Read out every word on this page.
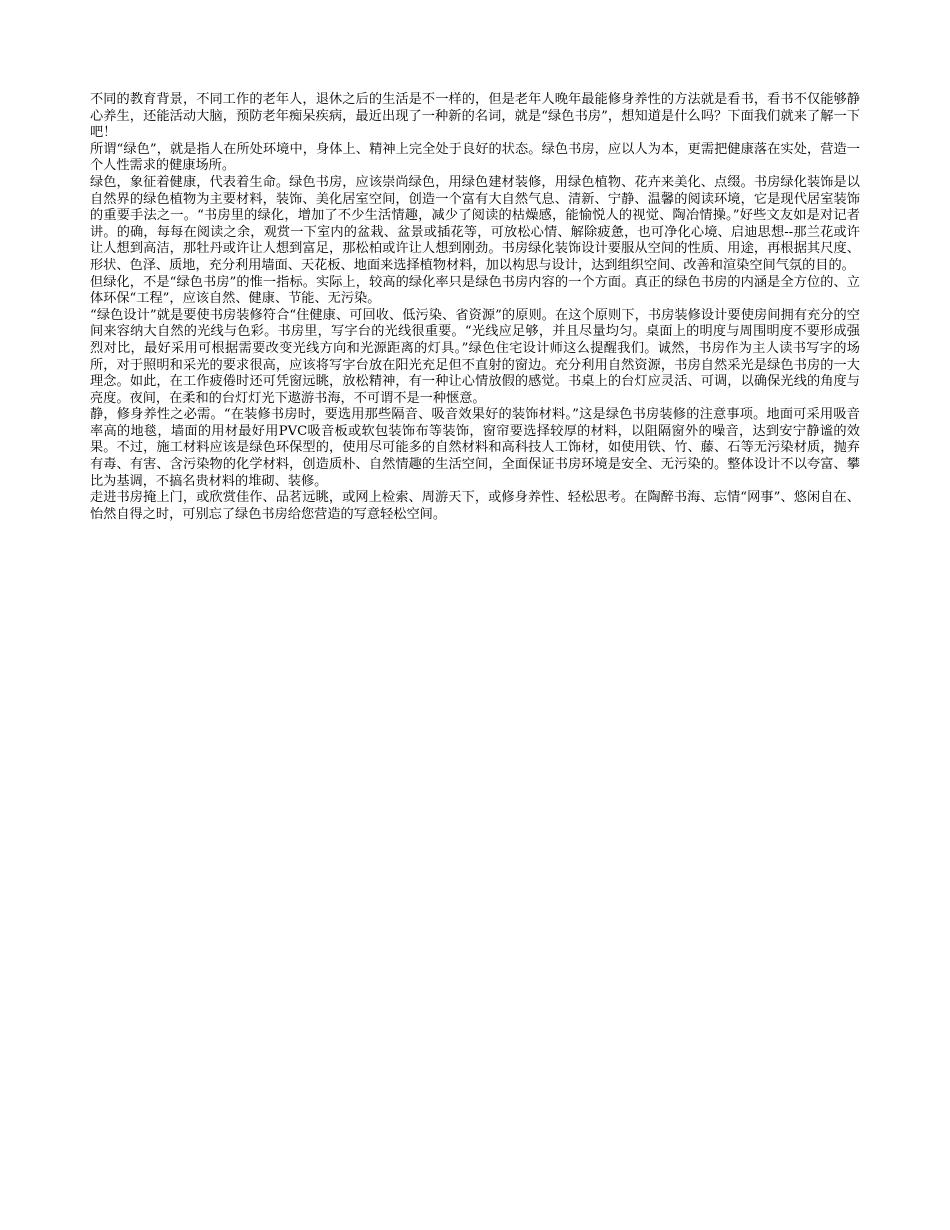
不同的教育背景，不同工作的老年人，退休之后的生活是不一样的，但是老年人晚年最能修身养性的方法就是看书，看书不仅能够静心养生，还能活动大脑，预防老年痴呆疾病，最近出现了一种新的名词，就是“绿色书房”，想知道是什么吗？下面我们就来了解一下吧！

所谓“绿色”，就是指人在所处环境中，身体上、精神上完全处于良好的状态。绿色书房，应以人为本，更需把健康落在实处，营造一个人性需求的健康场所。

绿色，象征着健康，代表着生命。绿色书房，应该崇尚绿色，用绿色建材装修，用绿色植物、花卉来美化、点缀。书房绿化装饰是以自然界的绿色植物为主要材料，装饰、美化居室空间，创造一个富有大自然气息、清新、宁静、温馨的阅读环境，它是现代居室装饰的重要手法之一。“书房里的绿化，增加了不少生活情趣，减少了阅读的枯燥感，能愉悦人的视觉、陶冶情操。”好些文友如是对记者讲。的确，每每在阅读之余，观赏一下室内的盆栽、盆景或插花等，可放松心情、解除疲惫，也可净化心境、启迪思想--那兰花或许让人想到高洁，那牡丹或许让人想到富足，那松柏或许让人想到刚劲。书房绿化装饰设计要服从空间的性质、用途，再根据其尺度、形状、色泽、质地，充分利用墙面、天花板、地面来选择植物材料，加以构思与设计，达到组织空间、改善和渲染空间气氛的目的。

但绿化，不是“绿色书房”的惟一指标。实际上，较高的绿化率只是绿色书房内容的一个方面。真正的绿色书房的内涵是全方位的、立体环保“工程”，应该自然、健康、节能、无污染。

“绿色设计”就是要使书房装修符合“住健康、可回收、低污染、省资源”的原则。在这个原则下，书房装修设计要使房间拥有充分的空间来容纳大自然的光线与色彩。书房里，写字台的光线很重要。“光线应足够，并且尽量均匀。桌面上的明度与周围明度不要形成强烈对比，最好采用可根据需要改变光线方向和光源距离的灯具。”绿色住宅设计师这么提醒我们。诚然，书房作为主人读书写字的场所，对于照明和采光的要求很高，应该将写字台放在阳光充足但不直射的窗边。充分利用自然资源，书房自然采光是绿色书房的一大理念。如此，在工作疲倦时还可凭窗远眺，放松精神，有一种让心情放假的感觉。书桌上的台灯应灵活、可调，以确保光线的角度与亮度。夜间，在柔和的台灯灯光下遨游书海，不可谓不是一种惬意。

静，修身养性之必需。“在装修书房时，要选用那些隔音、吸音效果好的装饰材料。”这是绿色书房装修的注意事项。地面可采用吸音率高的地毯，墙面的用材最好用PVC吸音板或软包装饰布等装饰，窗帘要选择较厚的材料，以阻隔窗外的噪音，达到安宁静谧的效果。不过，施工材料应该是绿色环保型的，使用尽可能多的自然材料和高科技人工饰材，如使用铁、竹、藤、石等无污染材质，抛弃有毒、有害、含污染物的化学材料，创造质朴、自然情趣的生活空间，全面保证书房环境是安全、无污染的。整体设计不以夸富、攀比为基调，不搞名贵材料的堆砌、装修。

走进书房掩上门，或欣赏佳作、品茗远眺，或网上检索、周游天下，或修身养性、轻松思考。在陶醉书海、忘情“网事”、悠闲自在、怡然自得之时，可别忘了绿色书房给您营造的写意轻松空间。
